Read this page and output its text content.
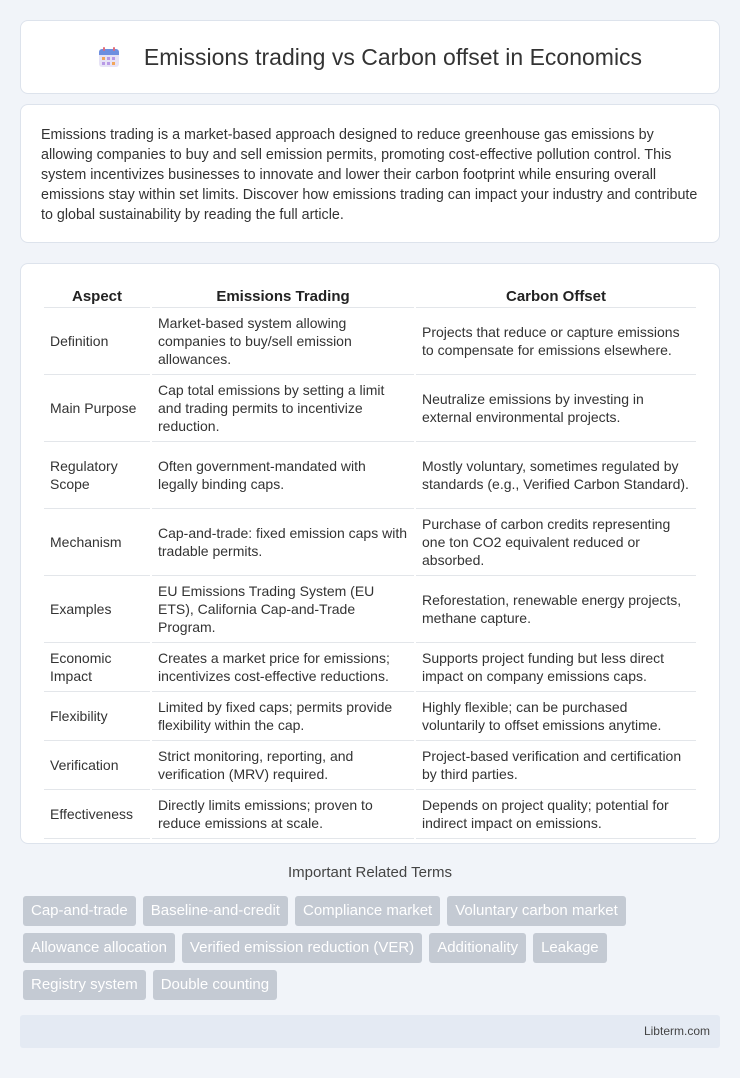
Emissions trading vs Carbon offset in Economics

Emissions trading is a market-based approach designed to reduce greenhouse gas emissions by allowing companies to buy and sell emission permits, promoting cost-effective pollution control. This system incentivizes businesses to innovate and lower their carbon footprint while ensuring overall emissions stay within set limits. Discover how emissions trading can impact your industry and contribute to global sustainability by reading the full article.

Aspect	Emissions Trading	Carbon Offset
Definition	Market-based system allowing companies to buy/sell emission allowances.	Projects that reduce or capture emissions to compensate for emissions elsewhere.
Main Purpose	Cap total emissions by setting a limit and trading permits to incentivize reduction.	Neutralize emissions by investing in external environmental projects.
Regulatory Scope	Often government-mandated with legally binding caps.	Mostly voluntary, sometimes regulated by standards (e.g., Verified Carbon Standard).
Mechanism	Cap-and-trade: fixed emission caps with tradable permits.	Purchase of carbon credits representing one ton CO2 equivalent reduced or absorbed.
Examples	EU Emissions Trading System (EU ETS), California Cap-and-Trade Program.	Reforestation, renewable energy projects, methane capture.
Economic Impact	Creates a market price for emissions; incentivizes cost-effective reductions.	Supports project funding but less direct impact on company emissions caps.
Flexibility	Limited by fixed caps; permits provide flexibility within the cap.	Highly flexible; can be purchased voluntarily to offset emissions anytime.
Verification	Strict monitoring, reporting, and verification (MRV) required.	Project-based verification and certification by third parties.
Effectiveness	Directly limits emissions; proven to reduce emissions at scale.	Depends on project quality; potential for indirect impact on emissions.
Important Related Terms
Cap-and-trade	Baseline-and-credit	Compliance market	Voluntary carbon market
Allowance allocation	Verified emission reduction (VER)	Additionality	Leakage
Registry system	Double counting
Libterm.com
